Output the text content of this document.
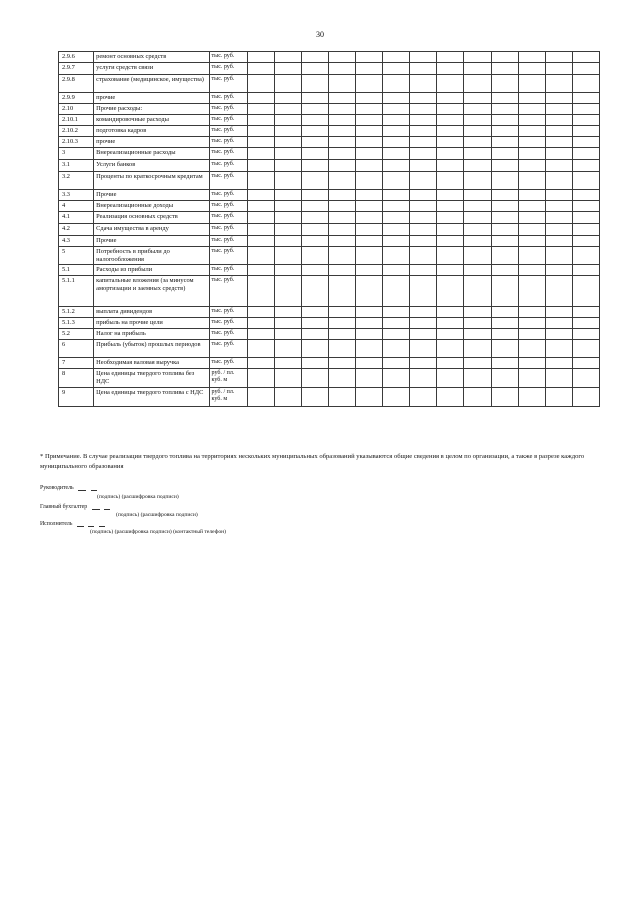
30
2.9.6	ремонт основных средств	тыс. руб.													
2.9.7	услуги средств связи	тыс. руб.													
2.9.8	страхование (медицинское, имущества)	тыс. руб.													
2.9.9	прочие	тыс. руб.													
2.10	Прочие расходы:	тыс. руб.													
2.10.1	командировочные расходы	тыс. руб.													
2.10.2	подготовка кадров	тыс. руб.													
2.10.3	прочие	тыс. руб.													
3	Внереализационные расходы	тыс. руб.													
3.1	Услуги банков	тыс. руб.													
3.2	Проценты по краткосрочным кредитам	тыс. руб.													
3.3	Прочие	тыс. руб.													
4	Внереализационные доходы	тыс. руб.													
4.1	Реализация основных средств	тыс. руб.													
4.2	Сдача имущества в аренду	тыс. руб.													
4.3	Прочие	тыс. руб.													
5	Потребность в прибыли до налогообложения	тыс. руб.													
5.1	Расходы из прибыли	тыс. руб.													
5.1.1	капитальные вложения (за минусом амортизации и заемных средств)	тыс. руб.													
5.1.2	выплата дивидендов	тыс. руб.													
5.1.3	прибыль на прочие цели	тыс. руб.													
5.2	Налог на прибыль	тыс. руб.													
6	Прибыль (убыток) прошлых периодов	тыс. руб.													
7	Необходимая валовая выручка	тыс. руб.													
8	Цена единицы твердого топлива без НДС	руб. / пл. куб. м													
9	Цена единицы твердого топлива с НДС	руб. / пл. куб. м													
* Примечание. В случае реализации твердого топлива на территориях нескольких муниципальных образований указываются общие сведения в целом по организации, а также в разрезе каждого муниципального образования
Руководитель
(подпись) (расшифровка подписи)
Главный бухгалтер
(подпись) (расшифровка подписи)
Исполнитель
(подпись) (расшифровка подписи) (контактный телефон)
